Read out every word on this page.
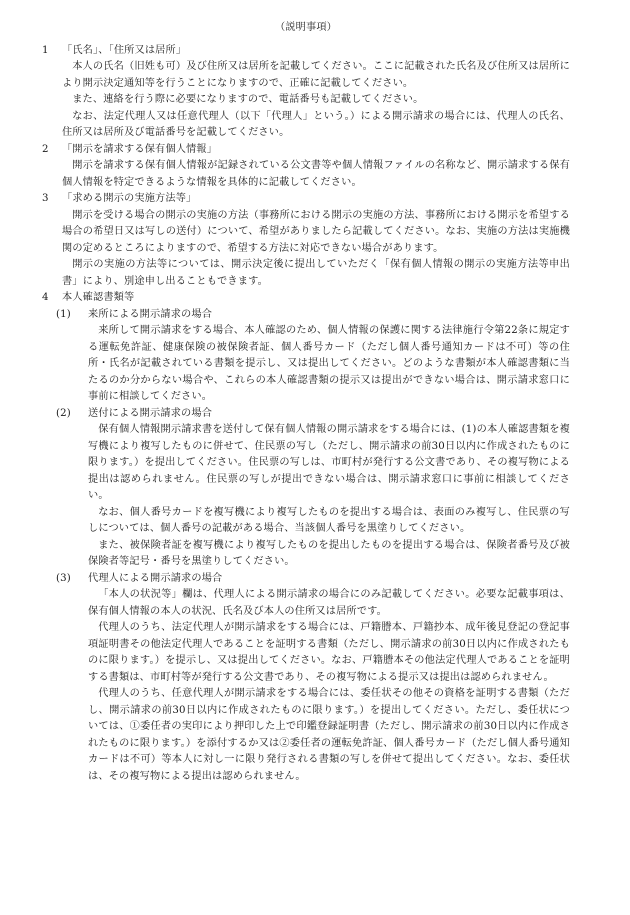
（説明事項）
1	「氏名」、「住所又は居所」
本人の氏名（旧姓も可）及び住所又は居所を記載してください。ここに記載された氏名及び住所又は居所により開示決定通知等を行うことになりますので、正確に記載してください。
また、連絡を行う際に必要になりますので、電話番号も記載してください。
なお、法定代理人又は任意代理人（以下「代理人」という。）による開示請求の場合には、代理人の氏名、住所又は居所及び電話番号を記載してください。
2	「開示を請求する保有個人情報」
開示を請求する保有個人情報が記録されている公文書等や個人情報ファイルの名称など、開示請求する保有個人情報を特定できるような情報を具体的に記載してください。
3	「求める開示の実施方法等」
開示を受ける場合の開示の実施の方法（事務所における開示の実施の方法、事務所における開示を希望する場合の希望日又は写しの送付）について、希望がありましたら記載してください。なお、実施の方法は実施機関の定めるところによりますので、希望する方法に対応できない場合があります。
開示の実施の方法等については、開示決定後に提出していただく「保有個人情報の開示の実施方法等申出書」により、別途申し出ることもできます。
4	本人確認書類等
(1)	来所による開示請求の場合
来所して開示請求をする場合、本人確認のため、個人情報の保護に関する法律施行令第22条に規定する運転免許証、健康保険の被保険者証、個人番号カード（ただし個人番号通知カードは不可）等の住所・氏名が記載されている書類を提示し、又は提出してください。どのような書類が本人確認書類に当たるのか分からない場合や、これらの本人確認書類の提示又は提出ができない場合は、開示請求窓口に事前に相談してください。
(2)	送付による開示請求の場合
保有個人情報開示請求書を送付して保有個人情報の開示請求をする場合には、(1)の本人確認書類を複写機により複写したものに併せて、住民票の写し（ただし、開示請求の前30日以内に作成されたものに限ります。）を提出してください。住民票の写しは、市町村が発行する公文書であり、その複写物による提出は認められません。住民票の写しが提出できない場合は、開示請求窓口に事前に相談してください。
なお、個人番号カードを複写機により複写したものを提出する場合は、表面のみ複写し、住民票の写しについては、個人番号の記載がある場合、当該個人番号を黒塗りしてください。
また、被保険者証を複写機により複写したものを提出したものを提出する場合は、保険者番号及び被保険者等記号・番号を黒塗りしてください。
(3)	代理人による開示請求の場合
「本人の状況等」欄は、代理人による開示請求の場合にのみ記載してください。必要な記載事項は、保有個人情報の本人の状況、氏名及び本人の住所又は居所です。
代理人のうち、法定代理人が開示請求をする場合には、戸籍謄本、戸籍抄本、成年後見登記の登記事項証明書その他法定代理人であることを証明する書類（ただし、開示請求の前30日以内に作成されたものに限ります。）を提示し、又は提出してください。なお、戸籍謄本その他法定代理人であることを証明する書類は、市町村等が発行する公文書であり、その複写物による提示又は提出は認められません。
代理人のうち、任意代理人が開示請求をする場合には、委任状その他その資格を証明する書類（ただし、開示請求の前30日以内に作成されたものに限ります。）を提出してください。ただし、委任状については、①委任者の実印により押印した上で印鑑登録証明書（ただし、開示請求の前30日以内に作成されたものに限ります。）を添付するか又は②委任者の運転免許証、個人番号カード（ただし個人番号通知カードは不可）等本人に対し一に限り発行される書類の写しを併せて提出してください。なお、委任状は、その複写物による提出は認められません。
